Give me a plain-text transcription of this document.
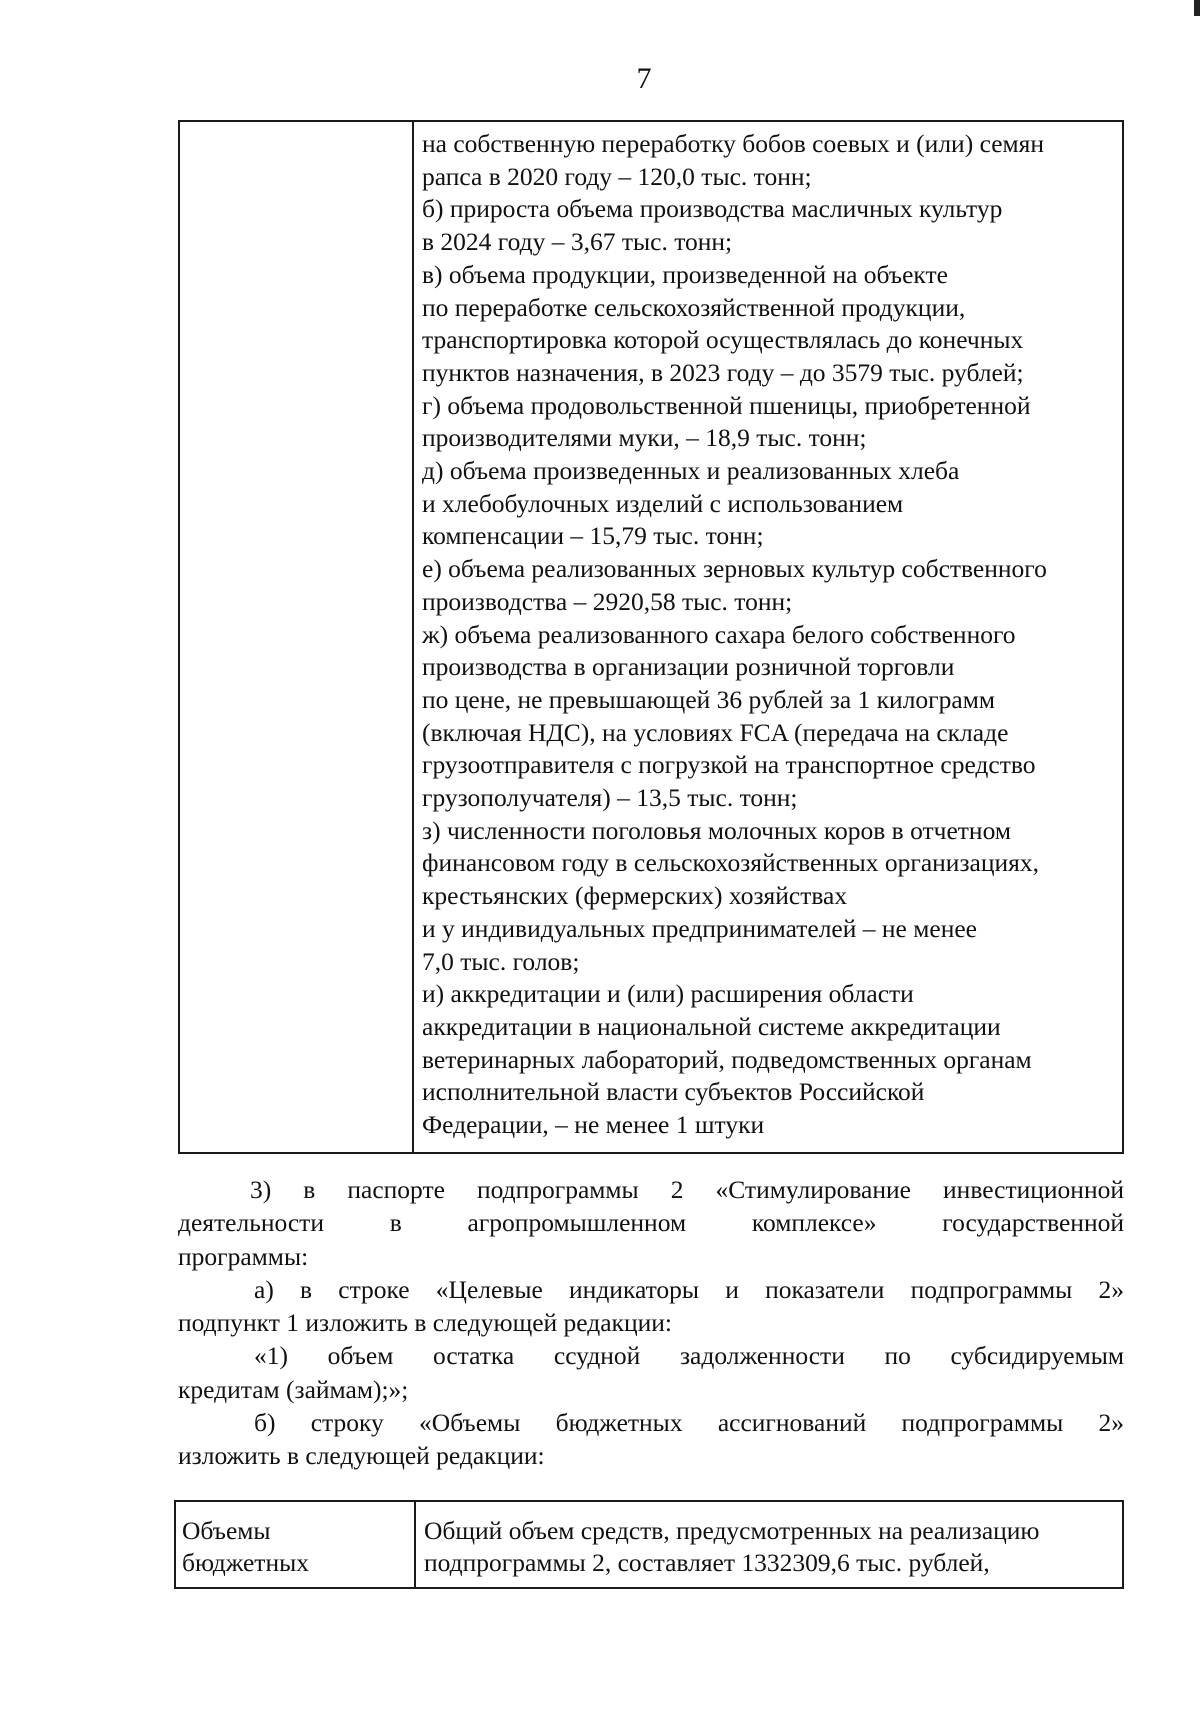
7
на собственную переработку бобов соевых и (или) семян
рапса в 2020 году – 120,0 тыс. тонн;
б) прироста объема производства масличных культур
в 2024 году – 3,67 тыс. тонн;
в) объема продукции, произведенной на объекте
по переработке сельскохозяйственной продукции,
транспортировка которой осуществлялась до конечных
пунктов назначения, в 2023 году – до 3579 тыс. рублей;
г) объема продовольственной пшеницы, приобретенной
производителями муки, – 18,9 тыс. тонн;
д) объема произведенных и реализованных хлеба
и хлебобулочных изделий с использованием
компенсации – 15,79 тыс. тонн;
е) объема реализованных зерновых культур собственного
производства – 2920,58 тыс. тонн;
ж) объема реализованного сахара белого собственного
производства в организации розничной торговли
по цене, не превышающей 36 рублей за 1 килограмм
(включая НДС), на условиях FCA (передача на складе
грузоотправителя с погрузкой на транспортное средство
грузополучателя) – 13,5 тыс. тонн;
з) численности поголовья молочных коров в отчетном
финансовом году в сельскохозяйственных организациях,
крестьянских (фермерских) хозяйствах
и у индивидуальных предпринимателей – не менее
7,0 тыс. голов;
и) аккредитации и (или) расширения области
аккредитации в национальной системе аккредитации
ветеринарных лабораторий, подведомственных органам
исполнительной власти субъектов Российской
Федерации, – не менее 1 штуки
3) в паспорте подпрограммы 2 «Стимулирование инвестиционной
деятельности в агропромышленном комплексе» государственной
программы:
а) в строке «Целевые индикаторы и показатели подпрограммы 2»
подпункт 1 изложить в следующей редакции:
«1) объем остатка ссудной задолженности по субсидируемым
кредитам (займам);»;
б) строку «Объемы бюджетных ассигнований подпрограммы 2»
изложить в следующей редакции:
Объемы
бюджетных
Общий объем средств, предусмотренных на реализацию
подпрограммы 2, составляет 1332309,6 тыс. рублей,
